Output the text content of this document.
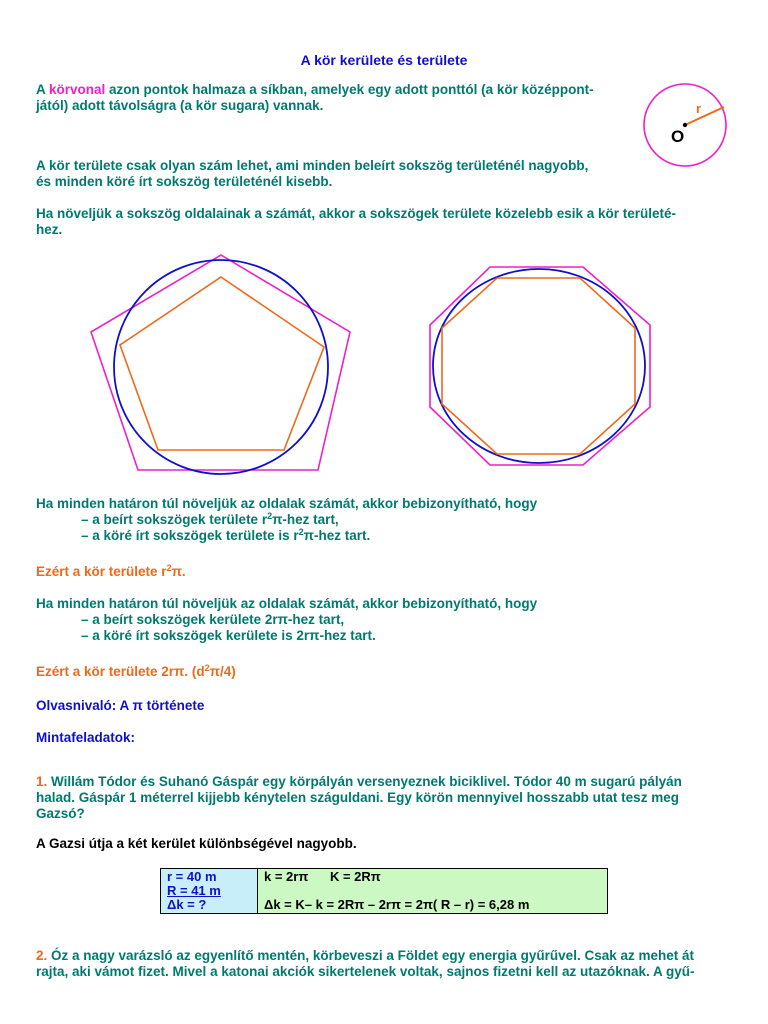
A kör kerülete és területe
A körvonal azon pontok halmaza a síkban, amelyek egy adott ponttól (a kör középpont-
jától) adott távolságra (a kör sugara) vannak.	r
O
A kör területe csak olyan szám lehet, ami minden beleírt sokszög területénél nagyobb,
és minden köré írt sokszög területénél kisebb.
Ha növeljük a sokszög oldalainak a számát, akkor a sokszögek területe közelebb esik a kör területé-
hez.
Ha minden határon túl növeljük az oldalak számát, akkor bebizonyítható, hogy
– a beírt sokszögek területe $r^2\pi$-hez tart,
– a köré írt sokszögek területe is $r^2\pi$-hez tart.
Ezért a kör területe $r^2\pi$.
Ha minden határon túl növeljük az oldalak számát, akkor bebizonyítható, hogy
– a beírt sokszögek kerülete 2rπ-hez tart,
– a köré írt sokszögek kerülete is 2rπ-hez tart.
Ezért a kör területe 2rπ. $(d^2\pi/4)$
Olvasnivaló: A π története
Mintafeladatok:
1. Willám Tódor és Suhanó Gáspár egy körpályán versenyeznek biciklivel. Tódor 40 m sugarú pályán
halad. Gáspár 1 méterrel kijjebb kénytelen száguldani. Egy körön mennyivel hosszabb utat tesz meg
Gazsó?
A Gazsi útja a két kerület különbségével nagyobb.
r = 40 m
R = 41 m
Δk = ?

k = 2rπ      K = 2Rπ
Δk = K– k = 2Rπ – 2rπ = 2π( R – r) = 6,28 m
2. Óz a nagy varázsló az egyenlítő mentén, körbeveszi a Földet egy energia gyűrűvel. Csak az mehet át
rajta, aki vámot fizet. Mivel a katonai akciók sikertelenek voltak, sajnos fizetni kell az utazóknak. A gyű-
